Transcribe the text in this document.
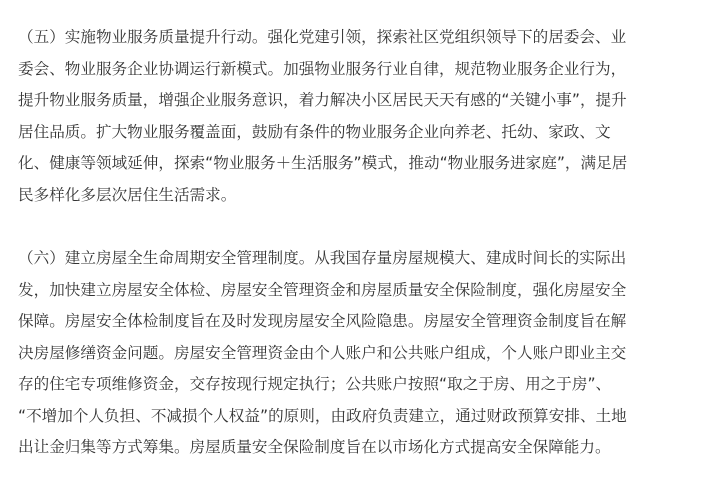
（五）实施物业服务质量提升行动。强化党建引领，探索社区党组织领导下的居委会、业
委会、物业服务企业协调运行新模式。加强物业服务行业自律，规范物业服务企业行为，
提升物业服务质量，增强企业服务意识，着力解决小区居民天天有感的“关键小事”，提升
居住品质。扩大物业服务覆盖面，鼓励有条件的物业服务企业向养老、托幼、家政、文
化、健康等领域延伸，探索“物业服务＋生活服务”模式，推动“物业服务进家庭”，满足居
民多样化多层次居住生活需求。
（六）建立房屋全生命周期安全管理制度。从我国存量房屋规模大、建成时间长的实际出
发，加快建立房屋安全体检、房屋安全管理资金和房屋质量安全保险制度，强化房屋安全
保障。房屋安全体检制度旨在及时发现房屋安全风险隐患。房屋安全管理资金制度旨在解
决房屋修缮资金问题。房屋安全管理资金由个人账户和公共账户组成，个人账户即业主交
存的住宅专项维修资金，交存按现行规定执行；公共账户按照“取之于房、用之于房”、
“不增加个人负担、不减损个人权益”的原则，由政府负责建立，通过财政预算安排、土地
出让金归集等方式筹集。房屋质量安全保险制度旨在以市场化方式提高安全保障能力。
